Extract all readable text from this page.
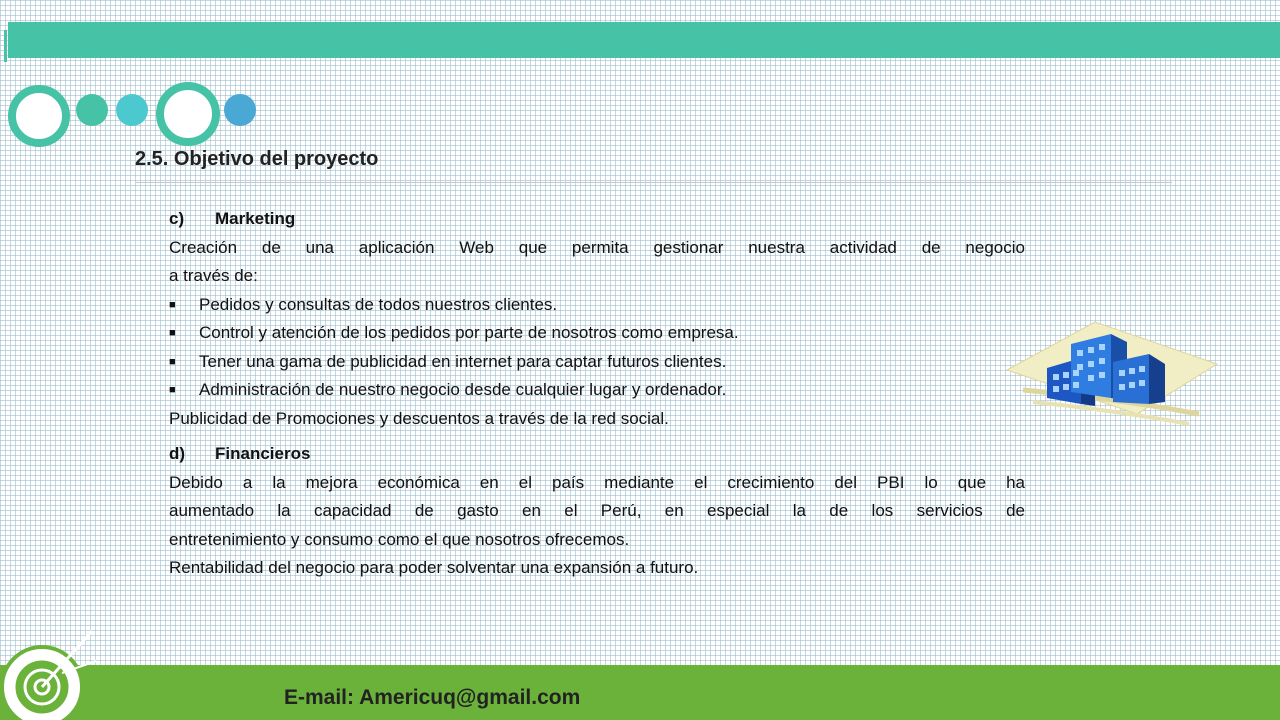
2.5. Objetivo del proyecto
c)	Marketing
Creación de una aplicación Web que permita gestionar nuestra actividad de negocio
a través de:
■	Pedidos y consultas de todos nuestros clientes.
■	Control y atención de los pedidos por parte de nosotros como empresa.
■	Tener una gama de publicidad en internet para captar futuros clientes.
■	Administración de nuestro negocio desde cualquier lugar y ordenador.
Publicidad de Promociones y descuentos a través de la red social.
d)	Financieros
Debido a la mejora económica en el país mediante el crecimiento del PBI lo que ha
aumentado la capacidad de gasto en el Perú, en especial la de los servicios de
entretenimiento y consumo como el que nosotros ofrecemos.
Rentabilidad del negocio para poder solventar una expansión a futuro.
E-mail: Americuq@gmail.com
